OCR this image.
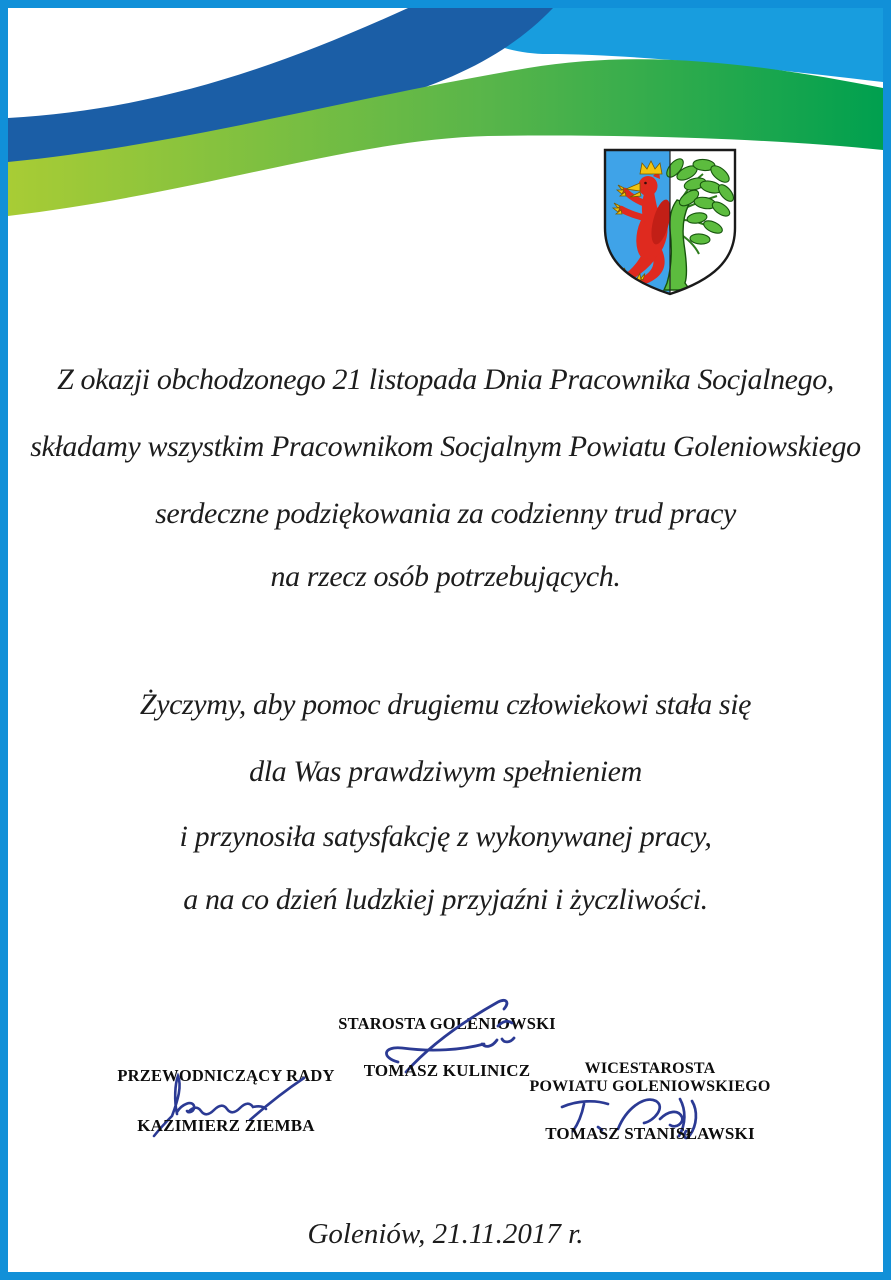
Z okazji obchodzonego 21 listopada Dnia Pracownika Socjalnego,
składamy wszystkim Pracownikom Socjalnym Powiatu Goleniowskiego
serdeczne podziękowania za codzienny trud pracy
na rzecz osób potrzebujących.
Życzymy, aby pomoc drugiemu człowiekowi stała się
dla Was prawdziwym spełnieniem
i przynosiła satysfakcję z wykonywanej pracy,
a na co dzień ludzkiej przyjaźni i życzliwości.
STAROSTA GOLENIOWSKI
TOMASZ KULINICZ
PRZEWODNICZĄCY RADY
KAZIMIERZ ZIEMBA
WICESTAROSTA
POWIATU GOLENIOWSKIEGO
TOMASZ STANISŁAWSKI
Goleniów, 21.11.2017 r.
